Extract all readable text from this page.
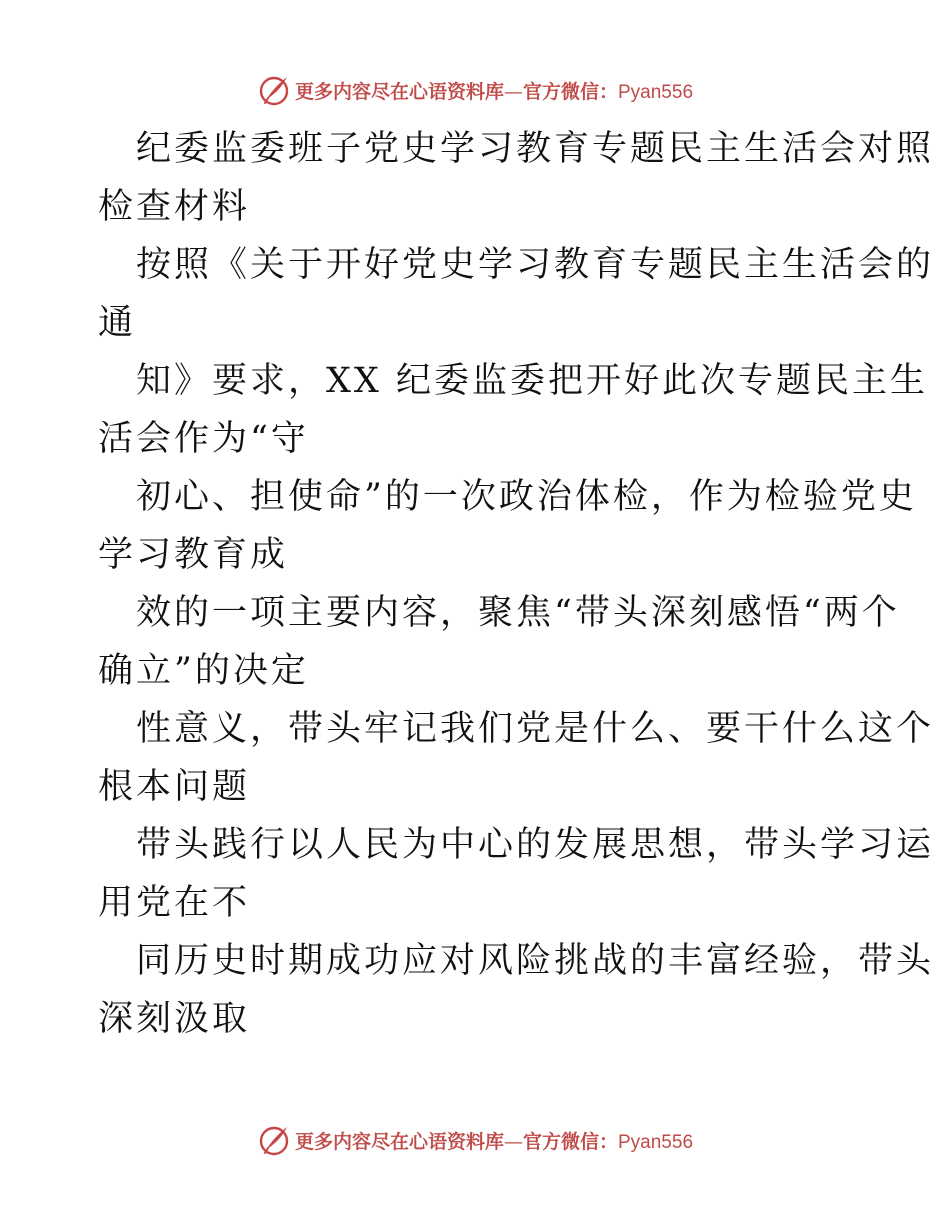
更多内容尽在心语资料库—官方微信：Pyan556

纪委监委班子党史学习教育专题民主生活会对照
检查材料

按照《关于开好党史学习教育专题民主生活会的
通

知》要求，XX 纪委监委把开好此次专题民主生
活会作为“守

初心、担使命”的一次政治体检，作为检验党史
学习教育成

效的一项主要内容，聚焦“带头深刻感悟“两个
确立”的决定

性意义，带头牢记我们党是什么、要干什么这个
根本问题

带头践行以人民为中心的发展思想，带头学习运
用党在不

同历史时期成功应对风险挑战的丰富经验，带头
深刻汲取

更多内容尽在心语资料库—官方微信：Pyan556
